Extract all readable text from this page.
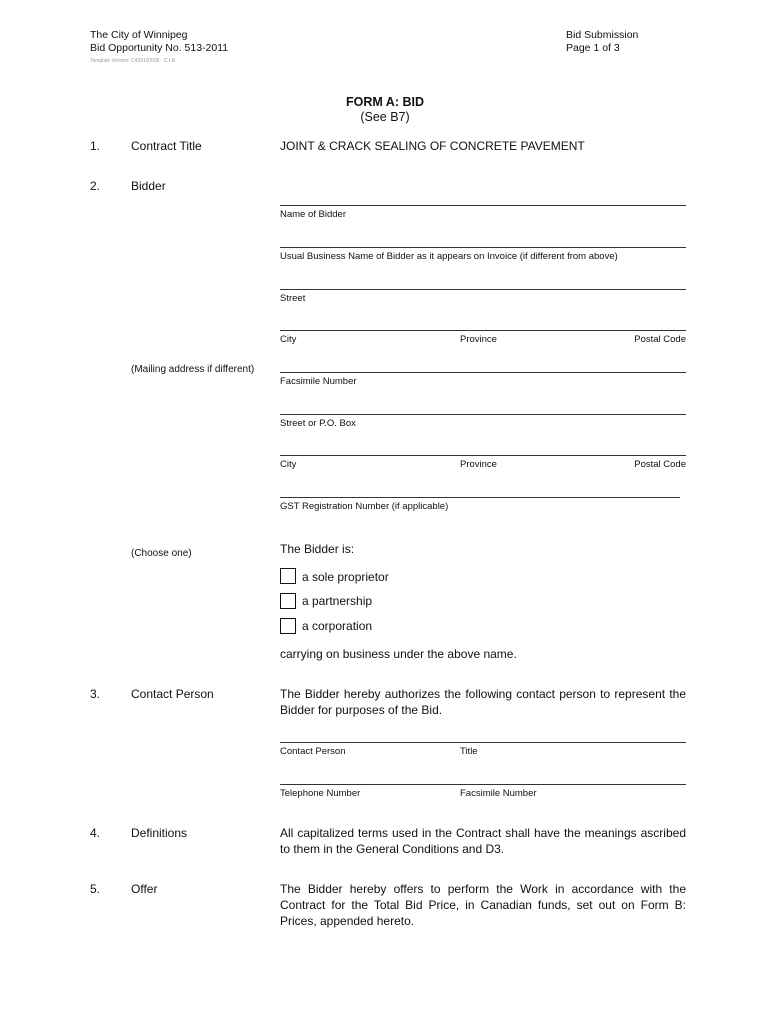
The City of Winnipeg
Bid Opportunity No. 513-2011
Template Version: C420110505 - C LR
Bid Submission
Page 1 of 3
FORM A: BID
(See B7)
1.	Contract Title	JOINT & CRACK SEALING OF CONCRETE PAVEMENT
2.	Bidder
Name of Bidder
Usual Business Name of Bidder as it appears on Invoice (if different from above)
Street
City	Province	Postal Code
(Mailing address if different)
Facsimile Number
Street or P.O. Box
City	Province	Postal Code
GST Registration Number (if applicable)
(Choose one)	The Bidder is:
a sole proprietor
a partnership
a corporation
carrying on business under the above name.
3.	Contact Person	The Bidder hereby authorizes the following contact person to represent the Bidder for purposes of the Bid.
Contact Person	Title
Telephone Number	Facsimile Number
4.	Definitions	All capitalized terms used in the Contract shall have the meanings ascribed to them in the General Conditions and D3.
5.	Offer	The Bidder hereby offers to perform the Work in accordance with the Contract for the Total Bid Price, in Canadian funds, set out on Form B: Prices, appended hereto.
